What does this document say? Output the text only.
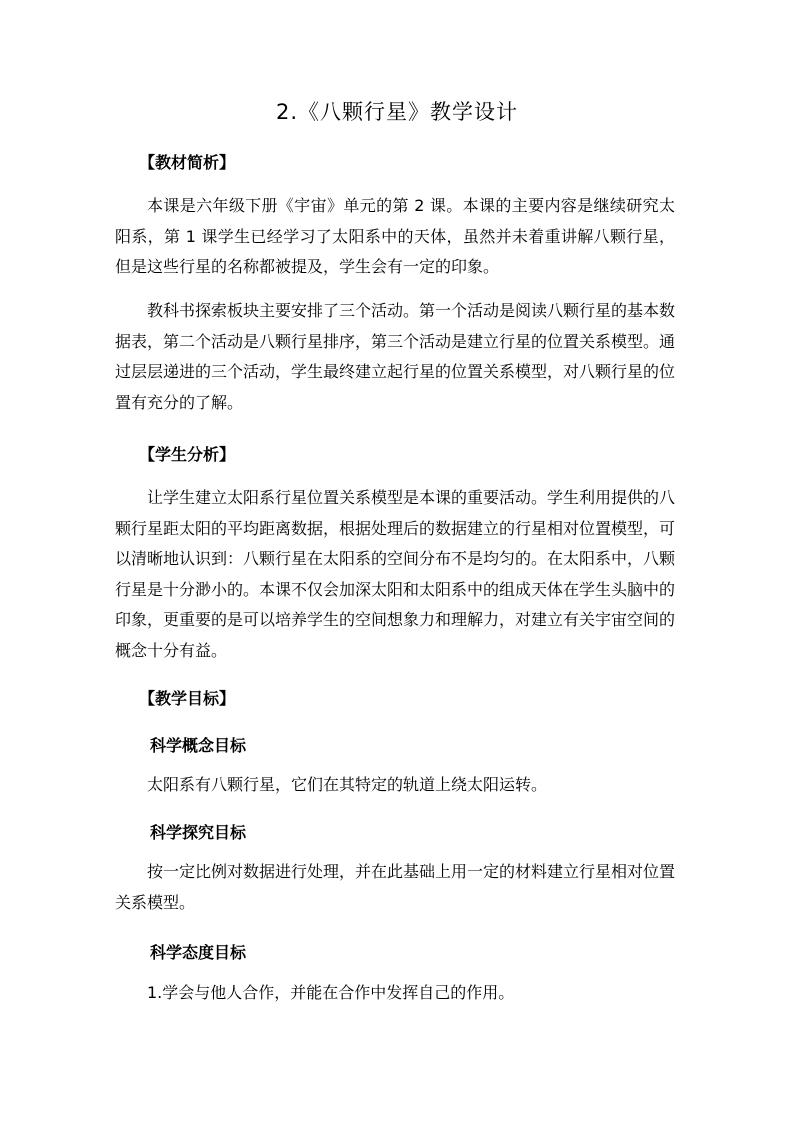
2.《八颗行星》教学设计
【教材简析】

本课是六年级下册《宇宙》单元的第 2 课。本课的主要内容是继续研究太阳系，第 1 课学生已经学习了太阳系中的天体，虽然并未着重讲解八颗行星，但是这些行星的名称都被提及，学生会有一定的印象。

教科书探索板块主要安排了三个活动。第一个活动是阅读八颗行星的基本数据表，第二个活动是八颗行星排序，第三个活动是建立行星的位置关系模型。通过层层递进的三个活动，学生最终建立起行星的位置关系模型，对八颗行星的位置有充分的了解。

【学生分析】

让学生建立太阳系行星位置关系模型是本课的重要活动。学生利用提供的八颗行星距太阳的平均距离数据，根据处理后的数据建立的行星相对位置模型，可以清晰地认识到：八颗行星在太阳系的空间分布不是均匀的。在太阳系中，八颗行星是十分渺小的。本课不仅会加深太阳和太阳系中的组成天体在学生头脑中的印象，更重要的是可以培养学生的空间想象力和理解力，对建立有关宇宙空间的概念十分有益。

【教学目标】
科学概念目标

太阳系有八颗行星，它们在其特定的轨道上绕太阳运转。

科学探究目标

按一定比例对数据进行处理，并在此基础上用一定的材料建立行星相对位置关系模型。

科学态度目标

1.学会与他人合作，并能在合作中发挥自己的作用。
